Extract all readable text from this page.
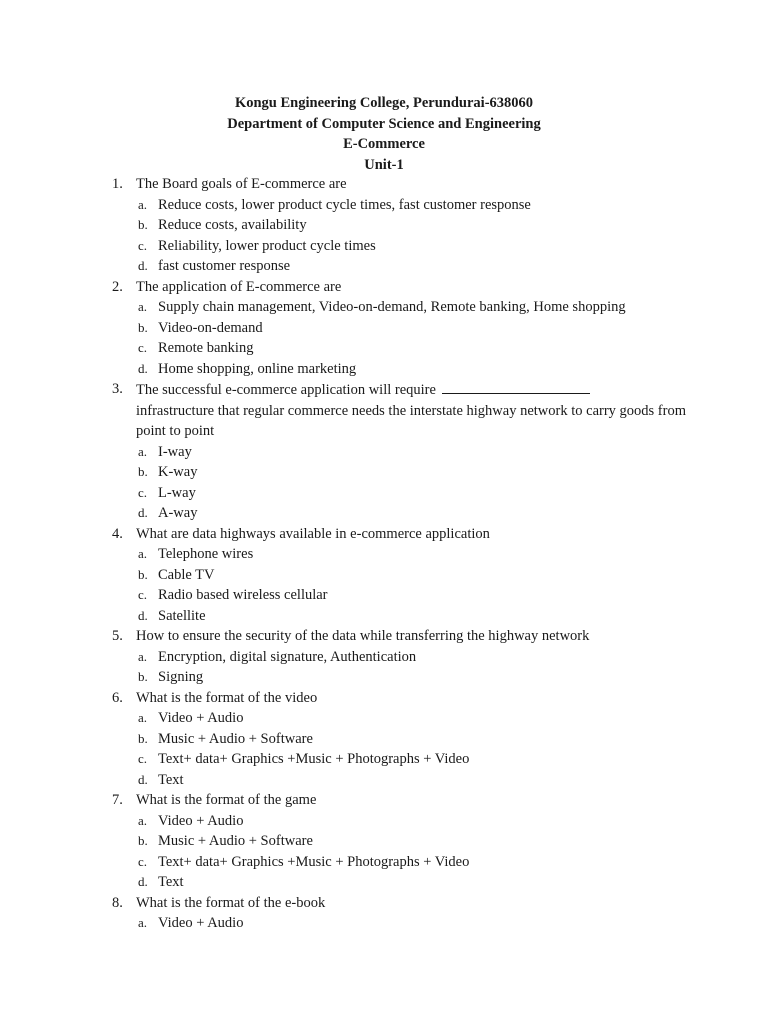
Kongu Engineering College, Perundurai-638060
Department of Computer Science and Engineering
E-Commerce
Unit-1
1. The Board goals of E-commerce are
a. Reduce costs, lower product cycle times, fast customer response
b. Reduce costs, availability
c. Reliability, lower product cycle times
d. fast customer response
2. The application of E-commerce are
a. Supply chain management, Video-on-demand, Remote banking, Home shopping
b. Video-on-demand
c. Remote banking
d. Home shopping, online marketing
3. The successful e-commerce application will require
infrastructure that regular commerce needs the interstate highway network to carry goods from point to point
a. I-way
b. K-way
c. L-way
d. A-way
4. What are data highways available in e-commerce application
a. Telephone wires
b. Cable TV
c. Radio based wireless cellular
d. Satellite
5. How to ensure the security of the data while transferring the highway network
a. Encryption, digital signature, Authentication
b. Signing
6. What is the format of the video
a. Video + Audio
b. Music + Audio + Software
c. Text+ data+ Graphics +Music + Photographs + Video
d. Text
7. What is the format of the game
a. Video + Audio
b. Music + Audio + Software
c. Text+ data+ Graphics +Music + Photographs + Video
d. Text
8. What is the format of the e-book
a. Video + Audio
